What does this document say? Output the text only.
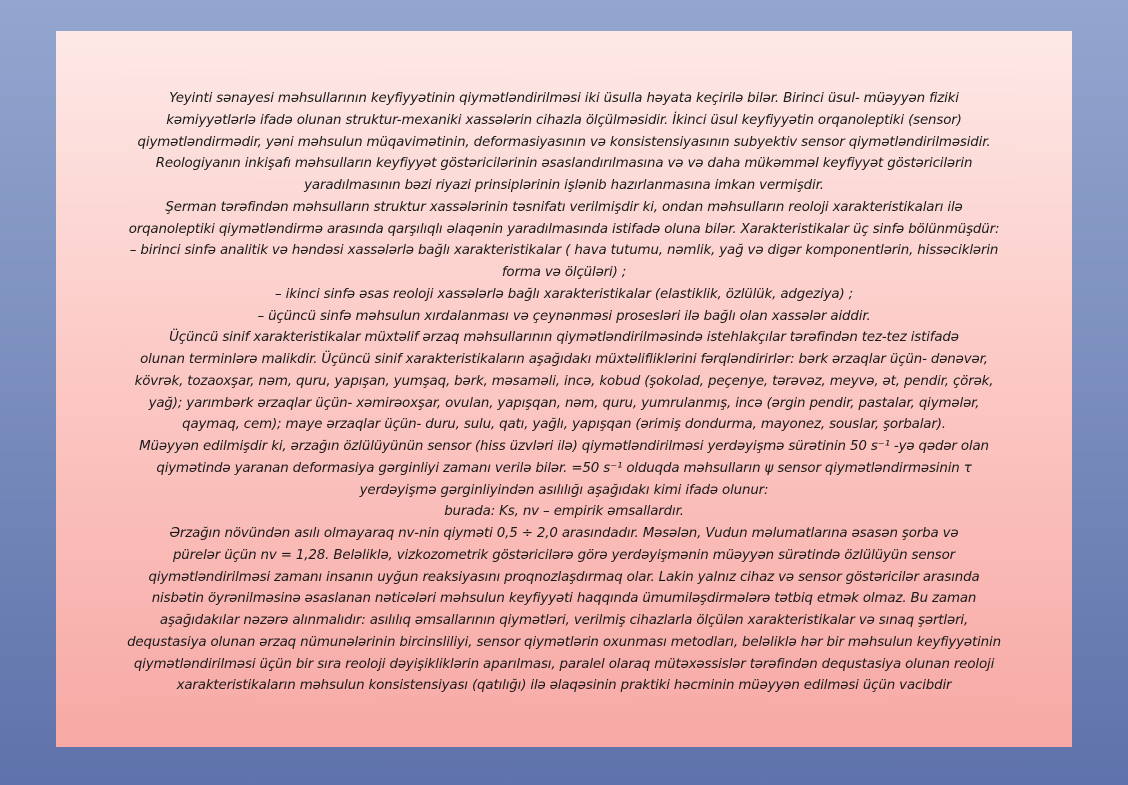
Yeyinti sənayesi məhsullarının keyfiyyətinin qiymətləndirilməsi iki üsulla həyata keçirilə bilər. Birinci üsul- müəyyən fiziki
kəmiyyətlərlə ifadə olunan struktur-mexaniki xassələrin cihazla ölçülməsidir. İkinci üsul keyfiyyətin orqanoleptiki (sensor)
qiymətləndirmədir, yəni məhsulun müqavimətinin, deformasiyasının və konsistensiyasının subyektiv sensor qiymətləndirilməsidir.
Reologiyanın inkişafı məhsulların keyfiyyət göstəricilərinin əsaslandırılmasına və və daha mükəmməl keyfiyyət göstəricilərin
yaradılmasının bəzi riyazi prinsiplərinin işlənib hazırlanmasına imkan vermişdir.
Şerman tərəfindən məhsulların struktur xassələrinin təsnifatı verilmişdir ki, ondan məhsulların reoloji xarakteristikaları ilə
orqanoleptiki qiymətləndirmə arasında qarşılıqlı əlaqənin yaradılmasında istifadə oluna bilər. Xarakteristikalar üç sinfə bölünmüşdür:
– birinci sinfə analitik və həndəsi xassələrlə bağlı xarakteristikalar ( hava tutumu, nəmlik, yağ və digər komponentlərin, hissəciklərin
forma və ölçüləri) ;
– ikinci sinfə əsas reoloji xassələrlə bağlı xarakteristikalar (elastiklik, özlülük, adgeziya) ;
– üçüncü sinfə məhsulun xırdalanması və çeynənməsi prosesləri ilə bağlı olan xassələr aiddir.
Üçüncü sinif xarakteristikalar müxtəlif ərzaq məhsullarının qiymətləndirilməsində istehlakçılar tərəfindən tez-tez istifadə
olunan terminlərə malikdir. Üçüncü sinif xarakteristikaların aşağıdakı müxtəlifliklərini fərqləndirirlər: bərk ərzaqlar üçün- dənəvər,
kövrək, tozaoxşar, nəm, quru, yapışan, yumşaq, bərk, məsaməli, incə, kobud (şokolad, peçenye, tərəvəz, meyvə, ət, pendir, çörək,
yağ); yarımbərk ərzaqlar üçün- xəmirəoxşar, ovulan, yapışqan, nəm, quru, yumrulanmış, incə (ərgin pendir, pastalar, qiymələr,
qaymaq, cem); maye ərzaqlar üçün- duru, sulu, qatı, yağlı, yapışqan (ərimiş dondurma, mayonez, souslar, şorbalar).
Müəyyən edilmişdir ki, ərzağın özlülüyünün sensor (hiss üzvləri ilə) qiymətləndirilməsi yerdəyişmə sürətinin 50 s⁻¹ -yə qədər olan
qiymətində yaranan deformasiya gərginliyi zamanı verilə bilər. =50 s⁻¹ olduqda məhsulların ψ sensor qiymətləndirməsinin τ
yerdəyişmə gərginliyindən asılılığı aşağıdakı kimi ifadə olunur:
burada: Ks, nv – empirik əmsallardır.
Ərzağın növündən asılı olmayaraq nv-nin qiyməti 0,5 ÷ 2,0 arasındadır. Məsələn, Vudun məlumatlarına əsasən şorba və
pürelər üçün nv = 1,28. Beləliklə, vizkozometrik göstəricilərə görə yerdəyişmənin müəyyən sürətində özlülüyün sensor
qiymətləndirilməsi zamanı insanın uyğun reaksiyasını proqnozlaşdırmaq olar. Lakin yalnız cihaz və sensor göstəricilər arasında
nisbətin öyrənilməsinə əsaslanan nəticələri məhsulun keyfiyyəti haqqında ümumiləşdirmələrə tətbiq etmək olmaz. Bu zaman
aşağıdakılar nəzərə alınmalıdır: asılılıq əmsallarının qiymətləri, verilmiş cihazlarla ölçülən xarakteristikalar və sınaq şərtləri,
dequstasiya olunan ərzaq nümunələrinin bircinsliliyi, sensor qiymətlərin oxunması metodları, beləliklə hər bir məhsulun keyfiyyətinin
qiymətləndirilməsi üçün bir sıra reoloji dəyişikliklərin aparılması, paralel olaraq mütəxəssislər tərəfindən dequstasiya olunan reoloji
xarakteristikaların məhsulun konsistensiyası (qatılığı) ilə əlaqəsinin praktiki həcminin müəyyən edilməsi üçün vacibdir
